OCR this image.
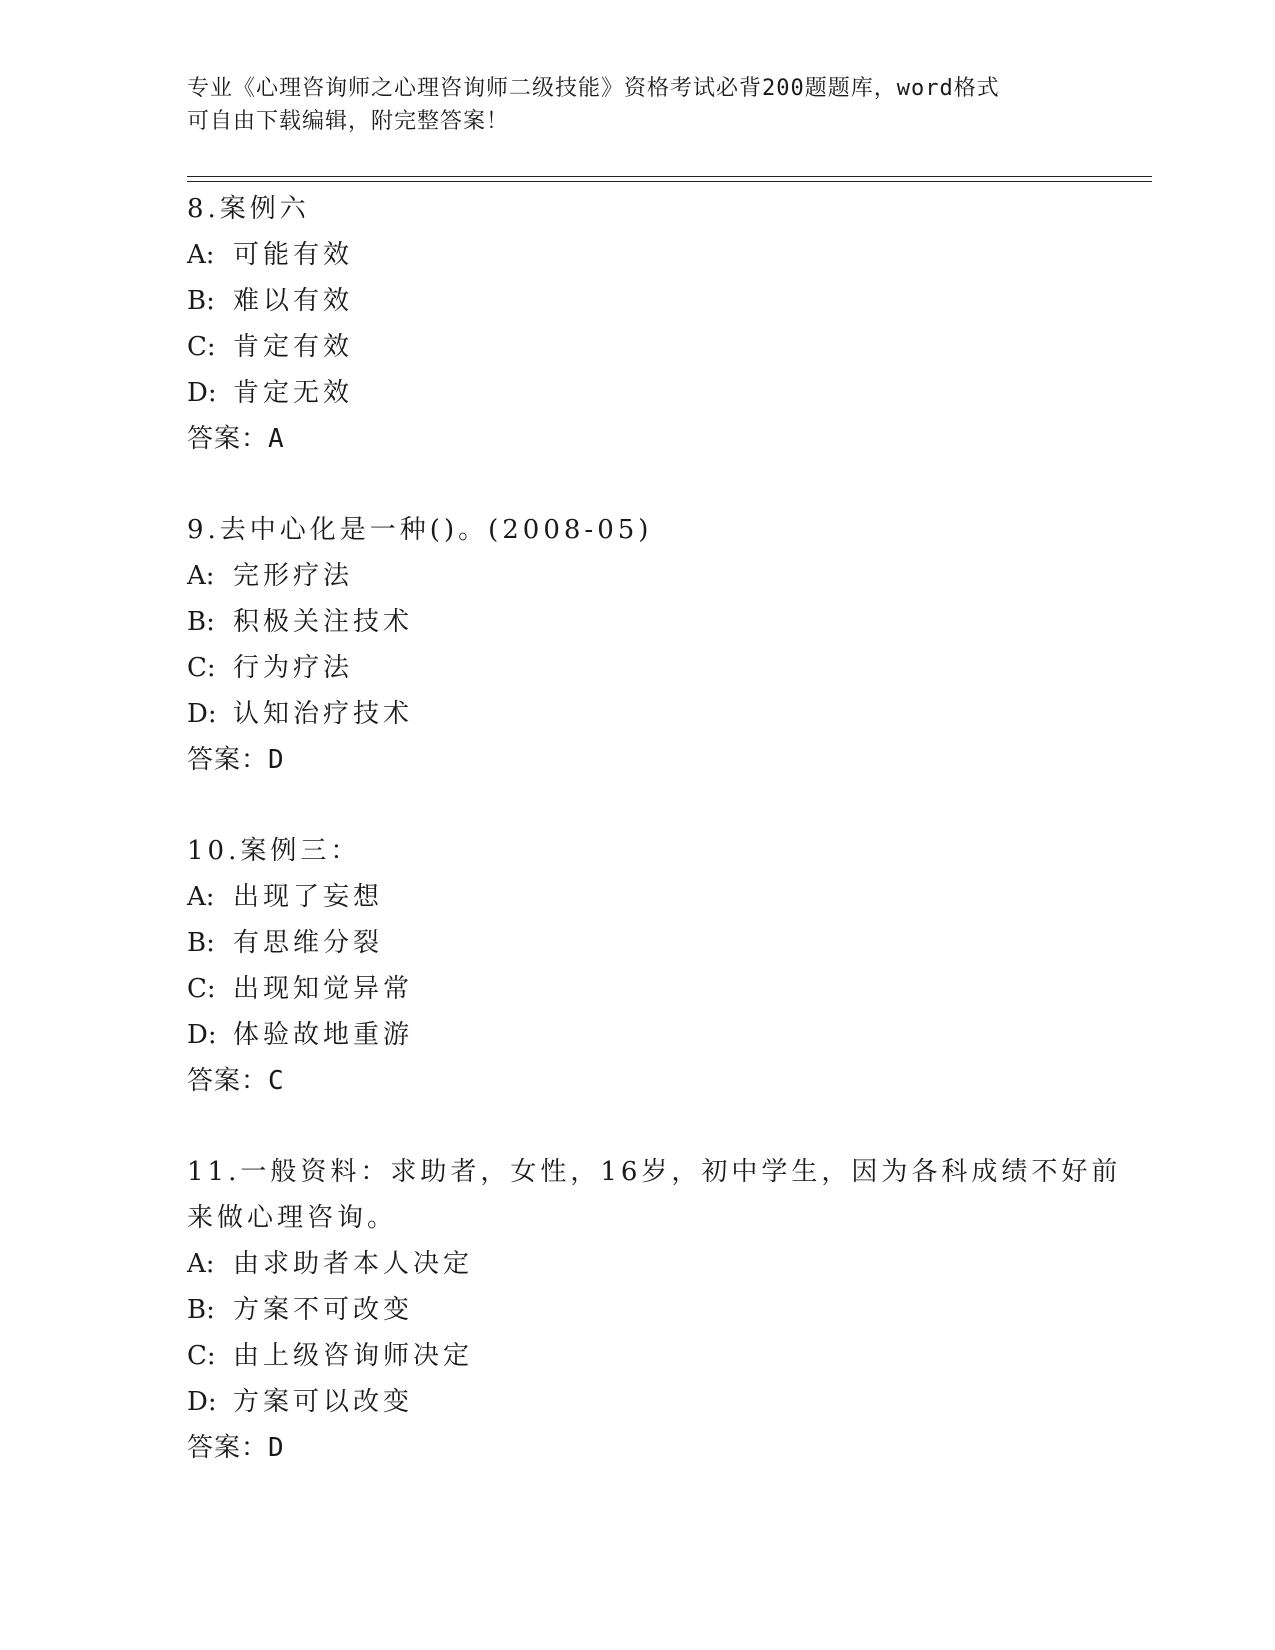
专业《心理咨询师之心理咨询师二级技能》资格考试必背200题题库，word格式
可自由下载编辑，附完整答案！
8.案例六
A: 可能有效
B: 难以有效
C: 肯定有效
D: 肯定无效
答案：A
9.去中心化是一种()。(2008-05)
A: 完形疗法
B: 积极关注技术
C: 行为疗法
D: 认知治疗技术
答案：D
10.案例三：
A: 出现了妄想
B: 有思维分裂
C: 出现知觉异常
D: 体验故地重游
答案：C
11.一般资料：求助者，女性，16岁，初中学生，因为各科成绩不好前
来做心理咨询。
A: 由求助者本人决定
B: 方案不可改变
C: 由上级咨询师决定
D: 方案可以改变
答案：D
